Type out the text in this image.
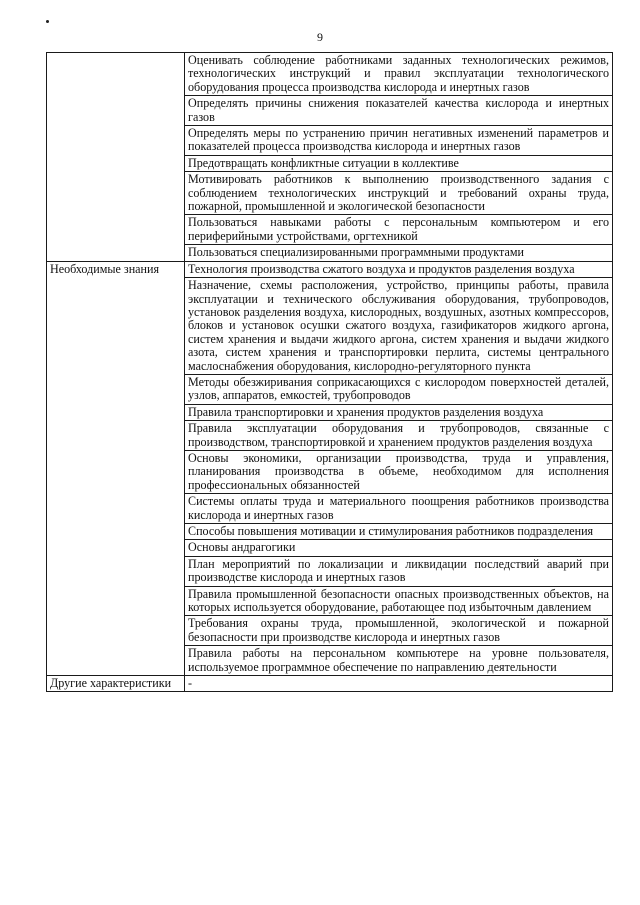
9
	Оценивать соблюдение работниками заданных технологических режимов, технологических инструкций и правил эксплуатации технологического оборудования процесса производства кислорода и инертных газов
	Определять причины снижения показателей качества кислорода и инертных газов
	Определять меры по устранению причин негативных изменений параметров и показателей процесса производства кислорода и инертных газов
	Предотвращать конфликтные ситуации в коллективе
	Мотивировать работников к выполнению производственного задания с соблюдением технологических инструкций и требований охраны труда, пожарной, промышленной и экологической безопасности
	Пользоваться навыками работы с персональным компьютером и его периферийными устройствами, оргтехникой
	Пользоваться специализированными программными продуктами
Необходимые знания	Технология производства сжатого воздуха и продуктов разделения воздуха
	Назначение, схемы расположения, устройство, принципы работы, правила эксплуатации и технического обслуживания оборудования, трубопроводов, установок разделения воздуха, кислородных, воздушных, азотных компрессоров, блоков и установок осушки сжатого воздуха, газификаторов жидкого аргона, систем хранения и выдачи жидкого аргона, систем хранения и выдачи жидкого азота, систем хранения и транспортировки перлита, системы центрального маслоснабжения оборудования, кислородно-регуляторного пункта
	Методы обезжиривания соприкасающихся с кислородом поверхностей деталей, узлов, аппаратов, емкостей, трубопроводов
	Правила транспортировки и хранения продуктов разделения воздуха
	Правила эксплуатации оборудования и трубопроводов, связанные с производством, транспортировкой и хранением продуктов разделения воздуха
	Основы экономики, организации производства, труда и управления, планирования производства в объеме, необходимом для исполнения профессиональных обязанностей
	Системы оплаты труда и материального поощрения работников производства кислорода и инертных газов
	Способы повышения мотивации и стимулирования работников подразделения
	Основы андрагогики
	План мероприятий по локализации и ликвидации последствий аварий при производстве кислорода и инертных газов
	Правила промышленной безопасности опасных производственных объектов, на которых используется оборудование, работающее под избыточным давлением
	Требования охраны труда, промышленной, экологической и пожарной безопасности при производстве кислорода и инертных газов
	Правила работы на персональном компьютере на уровне пользователя, используемое программное обеспечение по направлению деятельности
Другие характеристики	-
